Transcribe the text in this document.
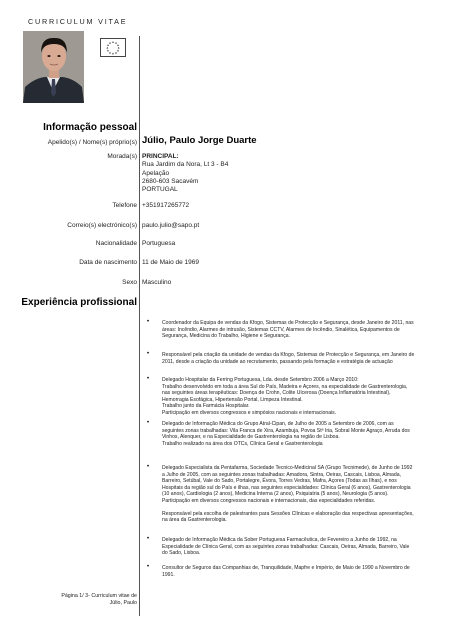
CURRICULUM VITAE
Informação pessoal
Apelido(s) / Nome(s) próprio(s) Júlio, Paulo Jorge Duarte
Morada(s) PRINCIPAL:
Rua Jardim da Nora, Lt 3 - B4
Apelação
2680-603 Sacavém
PORTUGAL
Telefone +351917265772
Correio(s) electrónico(s) paulo.julio@sapo.pt
Nacionalidade Portuguesa
Data de nascimento 11 de Maio de 1969
Sexo Masculino
Experiência profissional
•	Coordenador da Equipa de vendas da Kfogo, Sistemas de Protecção e Segurança, desde Janeiro de 2011, nas
áreas: Incêndio, Alarmes de intrusão, Sistemas CCTV, Alarmes de Incêndio, Sinalética, Equipamentos de
Segurança, Medicina do Trabalho, Higiene e Segurança.
•	Responsável pela criação da unidade de vendas da Kfogo, Sistemas de Protecção e Segurança, em Janeiro de
2011, desde a criação da unidade ao recrutamento, passando pela formação e estratégia de actuação
•	Delegado Hospitalar da Ferring Portuguesa, Lda. desde Setembro 2006 a Março 2010:
Trabalho desenvolvido em toda a área Sul do País, Madeira e Açores, na especialidade de Gastrenterologia,
nas seguintes áreas terapêuticas: Doença de Crohn, Colite Ulcerosa (Doença Inflamatória Intestinal),
Hemorragia Esofágica, Hipertensão Portal, Limpeza Intestinal.
Trabalho junto da Farmácia Hospitalar.
Participação em diversos congressos e simpósios nacionais e internacionais.
•	Delegado de Informação Médica do Grupo Atral-Cipan, de Julho de 2005 a Setembro de 2006, com as
seguintes zonas trabalhadas: Vila Franca de Xira, Azambuja, Povoa Stª Iria, Sobral Monte Agraço, Arruda dos
Vinhos, Alenquer, e na Especialidade de Gastrenterologia na região de Lisboa.
Trabalho realizado na área dos OTCs, Clínica Geral e Gastrenterologia
•	Delegado Especialista da Pentafarma, Sociedade Tecnico-Medicinal SA (Grupo Tecnimede), de Junho de 1992
a Julho de 2005, com as seguintes zonas trabalhadas: Amadora, Sintra, Oeiras, Cascais, Lisboa, Almada,
Barreiro, Setúbal, Vale do Sado, Portalegre, Évora, Torres Vedras, Mafra, Açores (Todas as Ilhas), e nos
Hospitais da região sul do País e ilhas, nas seguintes especialidades: Clínica Geral (6 anos), Gastrenterologia
(10 anos), Cardiologia (2 anos), Medicina Interna (2 anos), Psiquiatria (5 anos), Neurologia (5 anos).
Participação em diversos congressos nacionais e internacionais, das especialidades referidas.
Responsável pela escolha de palestrantes para Sessões Clínicas e elaboração das respectivas apresentações,
na área da Gastrenterologia.
•	Delegado de Informação Médica da Sober Portuguesa Farmacêutica, de Fevereiro a Junho de 1992, na
Especialidade de Clínica Geral, com as seguintes zonas trabalhadas: Cascais, Oeiras, Almada, Barreiro, Vale
do Sado, Lisboa.
•	Consultor de Seguros das Companhias de, Tranquilidade, Mapfre e Império, de Maio de 1990 a Novembro de
1991.
Página 1/ 3- Curriculum vitae de
Júlio, Paulo
